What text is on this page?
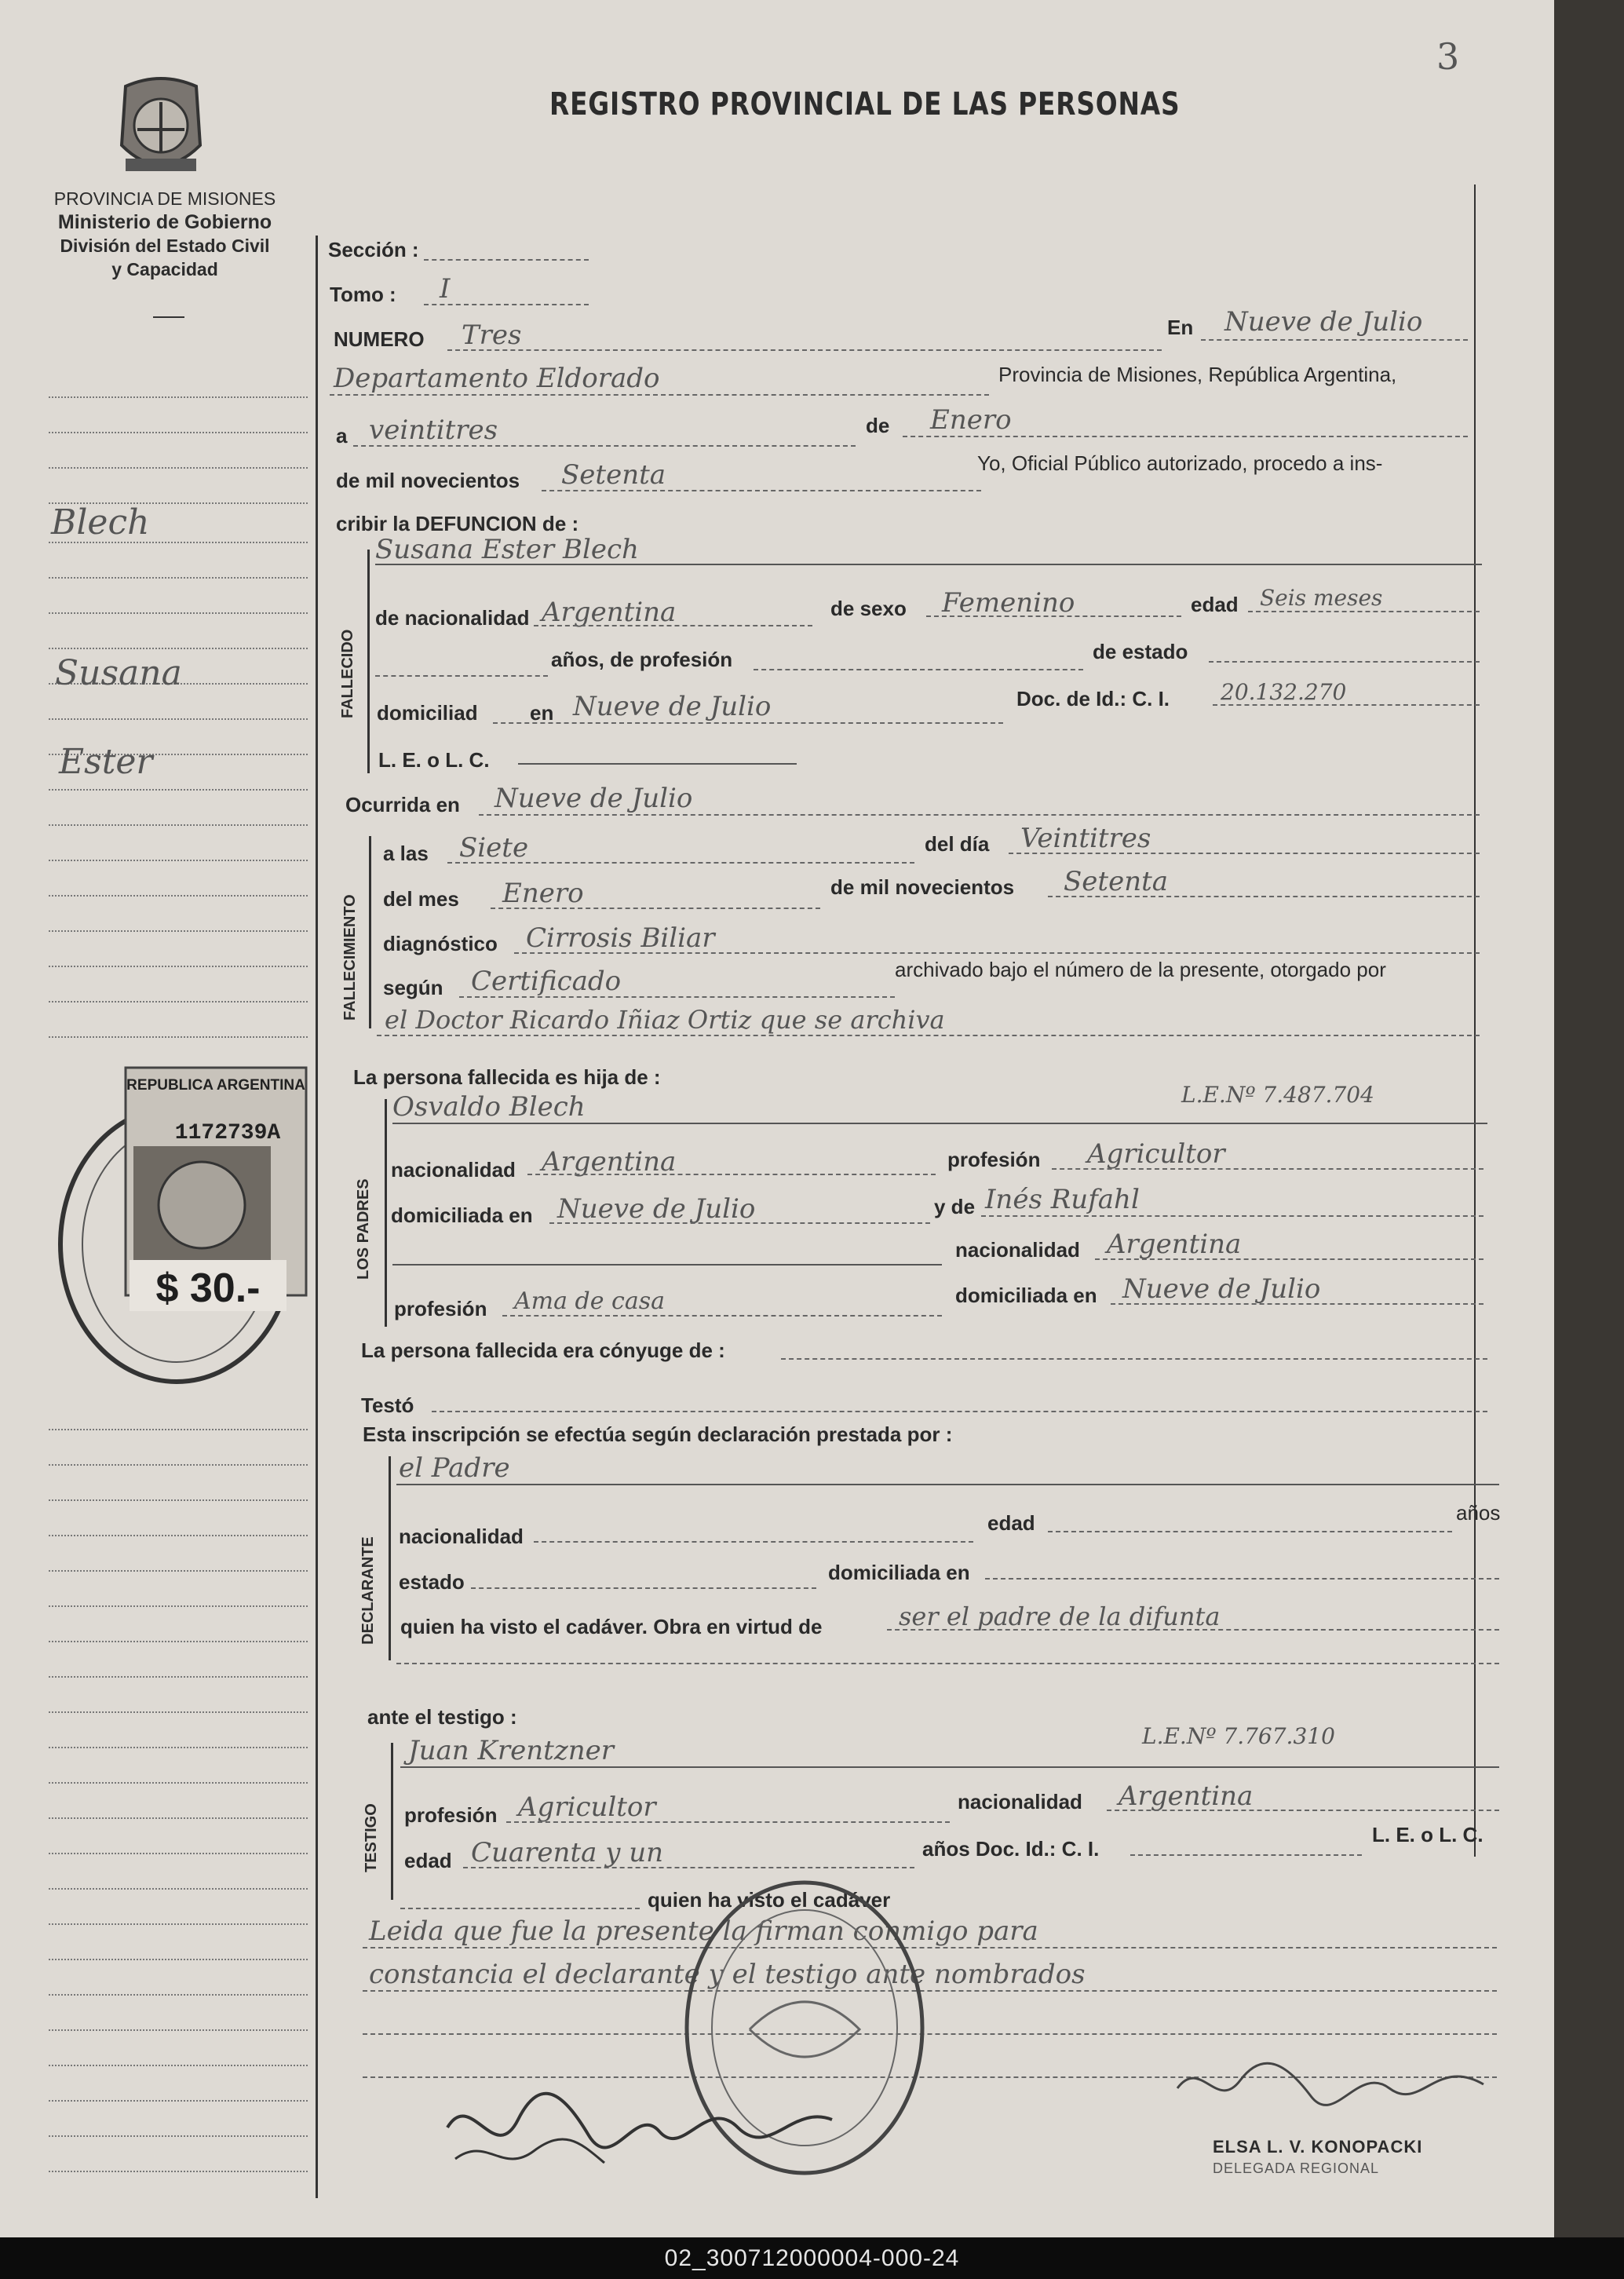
3
PROVINCIA DE MISIONES
Ministerio de Gobierno
División del Estado Civil
y Capacidad
REGISTRO PROVINCIAL DE LAS PERSONAS
Blech
Susana
Ester
REPUBLICA ARGENTINA
1172739A
$ 30.-
Sección :
Tomo : I
NUMERO Tres	En Nueve de Julio
Departamento Eldorado	Provincia de Misiones, República Argentina,
a veintitres	de Enero
de mil novecientos Setenta	Yo, Oficial Público autorizado, procedo a ins-
cribir la DEFUNCION de :
FALLECIDO
Susana Ester Blech
de nacionalidad Argentina	de sexo Femenino	edad Seis meses
años, de profesión	de estado
domiciliad	en Nueve de Julio	Doc. de Id.: C. I. 20.132.270
L. E. o L. C.
Ocurrida en Nueve de Julio
FALLECIMIENTO
a las Siete	del día Veintitres
del mes Enero	de mil novecientos Setenta
diagnóstico Cirrosis Biliar
según Certificado	archivado bajo el número de la presente, otorgado por
el Doctor Ricardo Iñiaz Ortiz que se archiva
La persona fallecida es hija de :
LOS PADRES
Osvaldo Blech	L.E.Nº 7.487.704
nacionalidad Argentina	profesión Agricultor
domiciliada en Nueve de Julio	y de Inés Rufahl
nacionalidad Argentina
profesión Ama de casa	domiciliada en Nueve de Julio
La persona fallecida era cónyuge de :
Testó
Esta inscripción se efectúa según declaración prestada por :
DECLARANTE
el Padre
nacionalidad
edad	años
estado	domiciliada en
quien ha visto el cadáver. Obra en virtud de	ser el padre de la difunta
ante el testigo :
TESTIGO
Juan Krentzner	L.E.Nº 7.767.310
profesión Agricultor	nacionalidad Argentina
edad Cuarenta y un	años Doc. Id.: C. I.
L. E. o L. C.
quien ha visto el cadáver
Leida que fue la presente la firman conmigo para
constancia el declarante y el testigo ante nombrados
ELSA L. V. KONOPACKI
DELEGADA REGIONAL
02_300712000004-000-24
